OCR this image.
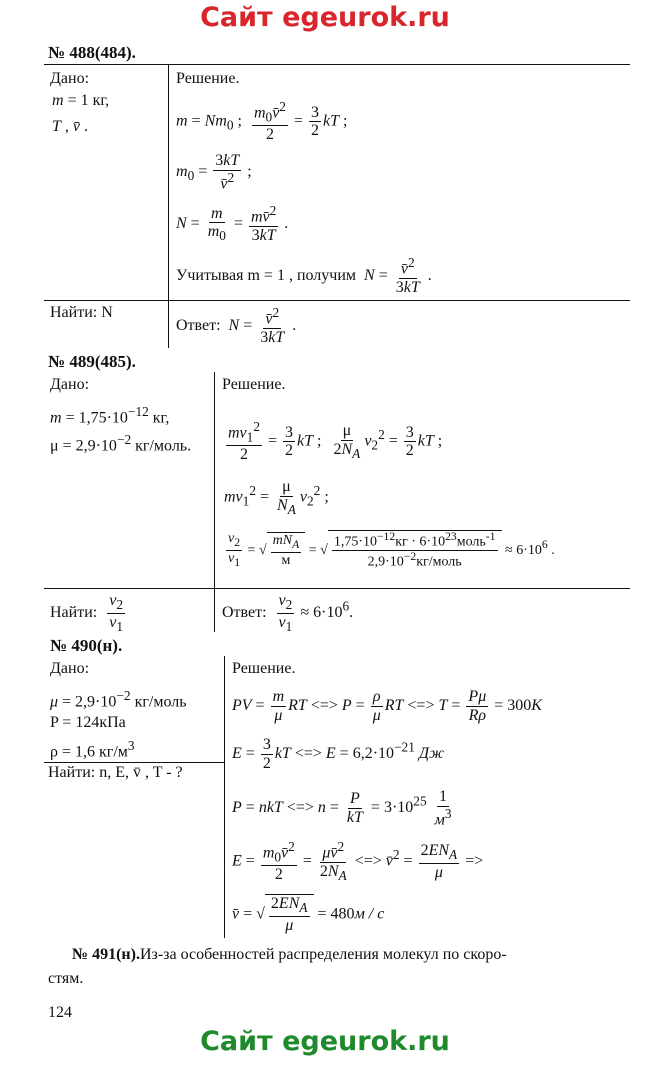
Сайт egeurok.ru
№ 488(484).
Дано:
m = 1 кг,
T , v̄ .
Найти: N
Решение.
$m = Nm_0$ ; $\frac{m_0v̄^2}{2} = \frac{3}{2}$ kT ;
$m_0 = \frac{3kT}{v̄^2}$ ;
$N = \frac{m}{m_0} = \frac{mv̄^2}{3kT}$ .
Учитывая m = 1 , получим $N = \frac{v̄^2}{3kT}$ .
Ответ:  $N = \frac{v̄^2}{3kT}$ .
№ 489(485).
Дано:
$m = 1,75\cdot 10^{-12}$ кг,
$\mu = 2,9\cdot 10^{-2}$ кг/моль.
Найти: $\frac{v_2}{v_1}$
Решение.
$\frac{mv_1^2}{2} = \frac{3}{2}$ kT ; $\frac{\mu}{2N_A} v_2^2 = \frac{3}{2}$ kT ;
$mv_1^2 = \frac{\mu}{N_A} v_2^2$ ;
$\frac{v_2}{v_1}$ = √ $\frac{mN_A}{м}$ = √ $\frac{1,75\cdot 10^{-12}кг \cdot 6\cdot 10^{23}моль^{-1}}{2,9\cdot 10^{-2}кг/моль} \approx 6\cdot 10^6$ .
Ответ: $\frac{v_2}{v_1} \approx 6\cdot 10^6$.
№ 490(н).
Дано:
$\mu = 2,9\cdot 10^{-2}$ кг/моль
P = 124кПа
ρ = 1,6 $кг/м^3$
Найти: n, E, v̄ , T - ?
Решение.
PV = $\frac{m}{\mu}$ RT <=> $P = \frac{\rho}{\mu}$ RT <=> $T = \frac{P\mu}{R\rho} = 300K$
$E = \frac{3}{2}$ kT <=> $E = 6,2\cdot 10^{-21}$ Дж
P = nkT <=> $n = \frac{P}{kT} = 3\cdot 10^{25} \frac{1}{м^3}$
$E = \frac{m_0v̄^2}{2} = \frac{\mu v̄^2}{2N_A}$ <=> v̄$^2$ = $\frac{2EN_A}{\mu}$ =>
v̄ = √ $\frac{2EN_A}{\mu} = 480м / с$
№ 491(н).Из-за особенностей распределения молекул по скоро-
стям.
124
Сайт egeurok.ru
